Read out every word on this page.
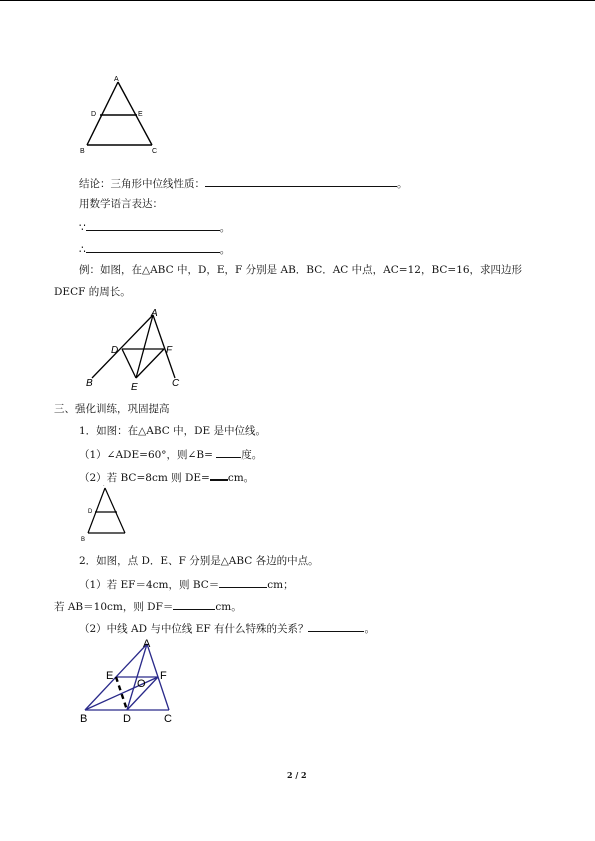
A
D	E
B	C
结论：三角形中位线性质：	。
用数学语言表达：
∵	。
∴	。
例：如图，在△ABC 中，D，E，F 分别是 AB．BC．AC 中点，AC=12，BC=16，求四边形
DECF 的周长。
A
D	F
B	E	C
三、强化训练，巩固提高
1．如图：在△ABC 中，DE 是中位线。
（1）∠ADE=60°，则∠B= 度。
（2）若 BC=8cm 则 DE= cm。
·
D
B
2．如图，点 D．E、F 分别是△ABC 各边的中点。
（1）若 EF＝4cm，则 BC＝	cm；
若 AB＝10cm，则 DF＝	cm。
（2）中线 AD 与中位线 EF 有什么特殊的关系？	。
A
E
O
F
B	D	C
2 / 2
